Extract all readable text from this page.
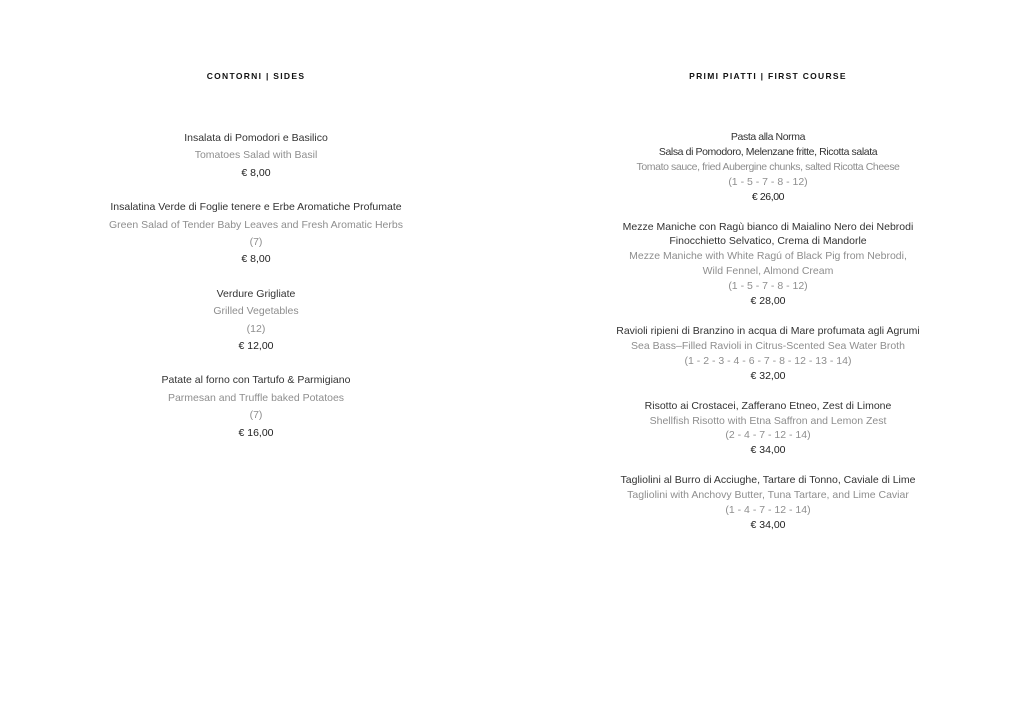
CONTORNI | SIDES
Insalata di Pomodori e Basilico
Tomatoes Salad with Basil
€ 8,00
Insalatina Verde di Foglie tenere e Erbe Aromatiche Profumate
Green Salad of Tender Baby Leaves and Fresh Aromatic Herbs
(7)
€ 8,00
Verdure Grigliate
Grilled Vegetables
(12)
€ 12,00
Patate al forno con Tartufo & Parmigiano
Parmesan and Truffle baked Potatoes
(7)
€ 16,00
PRIMI PIATTI | FIRST COURSE
Pasta alla Norma
Salsa di Pomodoro, Melenzane fritte, Ricotta salata
Tomato sauce, fried Aubergine chunks, salted Ricotta Cheese
(1 - 5 - 7 - 8 - 12)
€ 26,00
Mezze Maniche con Ragù bianco di Maialino Nero dei Nebrodi
Finocchietto Selvatico, Crema di Mandorle
Mezze Maniche with White Ragú of Black Pig from Nebrodi,
Wild Fennel, Almond Cream
(1 - 5 - 7 - 8 - 12)
€ 28,00
Ravioli ripieni di Branzino in acqua di Mare profumata agli Agrumi
Sea Bass–Filled Ravioli in Citrus-Scented Sea Water Broth
(1 - 2 - 3 - 4 - 6 - 7 - 8 - 12 - 13 - 14)
€ 32,00
Risotto ai Crostacei, Zafferano Etneo, Zest di Limone
Shellfish Risotto with Etna Saffron and Lemon Zest
(2 - 4 - 7 - 12 - 14)
€ 34,00
Tagliolini al Burro di Acciughe, Tartare di Tonno, Caviale di Lime
Tagliolini with Anchovy Butter, Tuna Tartare, and Lime Caviar
(1 - 4 - 7 - 12 - 14)
€ 34,00
